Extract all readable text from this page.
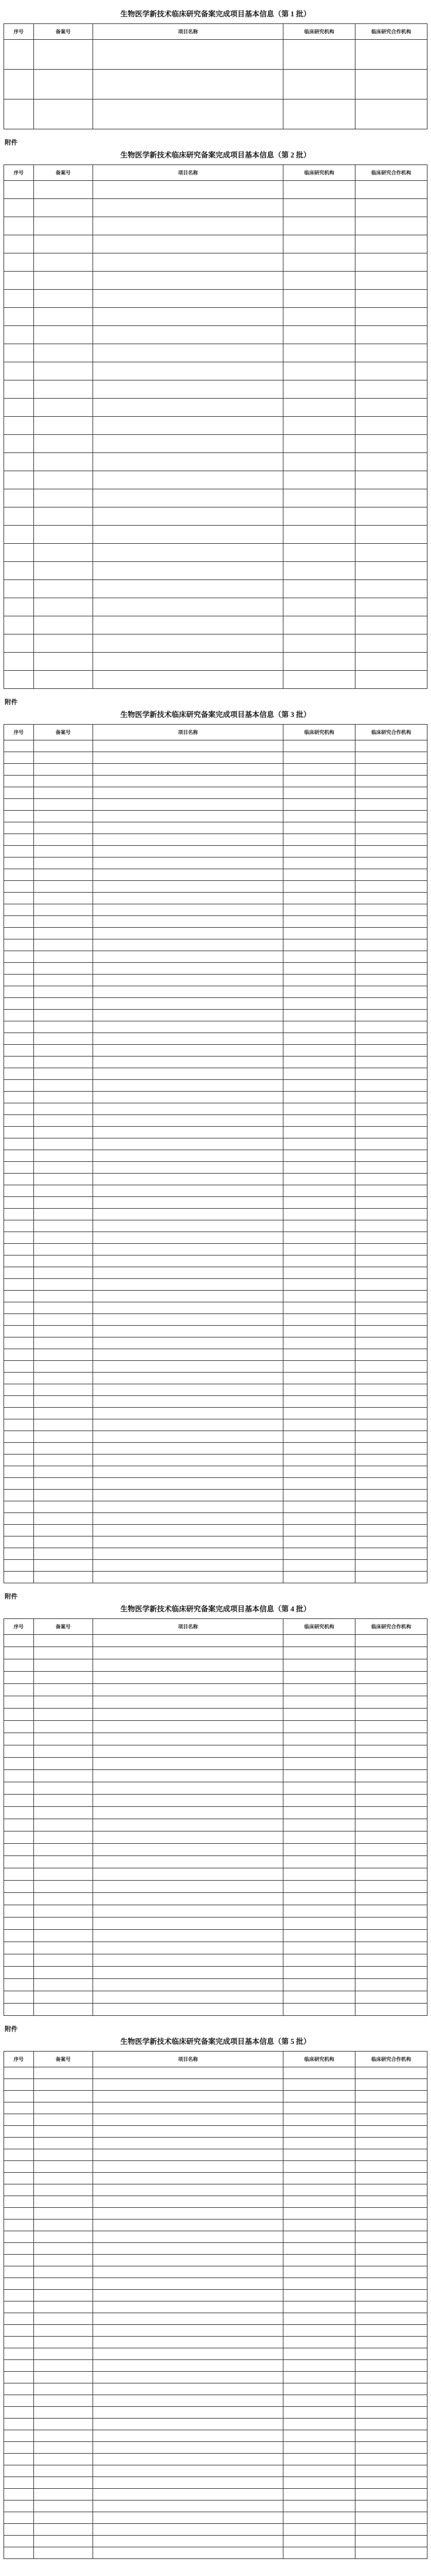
生物医学新技术临床研究备案完成项目基本信息（第 1 批）
序号	备案号	项目名称	临床研究机构	临床研究合作机构

附件
生物医学新技术临床研究备案完成项目基本信息（第 2 批）
序号	备案号	项目名称	临床研究机构	临床研究合作机构

附件
生物医学新技术临床研究备案完成项目基本信息（第 3 批）
序号	备案号	项目名称	临床研究机构	临床研究合作机构

附件
生物医学新技术临床研究备案完成项目基本信息（第 4 批）
序号	备案号	项目名称	临床研究机构	临床研究合作机构

附件
生物医学新技术临床研究备案完成项目基本信息（第 5 批）
序号	备案号	项目名称	临床研究机构	临床研究合作机构
